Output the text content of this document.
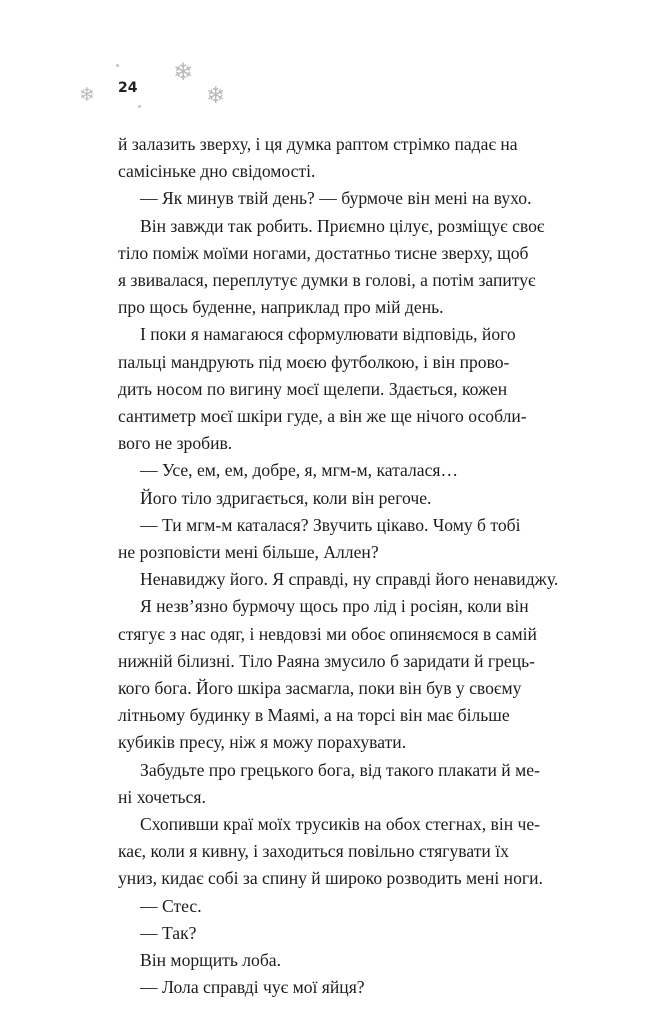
❄
❄	❄
24

й залазить зверху, і ця думка раптом стрімко падає на
самісіньке дно свідомості.

— Як минув твій день? — бурмоче він мені на вухо.

Він завжди так робить. Приємно цілує, розміщує своє
тіло поміж моїми ногами, достатньо тисне зверху, щоб
я звивалася, переплутує думки в голові, а потім запитує
про щось буденне, наприклад про мій день.

І поки я намагаюся сформулювати відповідь, його
пальці мандрують під моєю футболкою, і він прово-
дить носом по вигину моєї щелепи. Здається, кожен
сантиметр моєї шкіри гуде, а він же ще нічого особли-
вого не зробив.

— Усе, ем, ем, добре, я, мгм-м, каталася…

Його тіло здригається, коли він регоче.

— Ти мгм-м каталася? Звучить цікаво. Чому б тобі
не розповісти мені більше, Аллен?

Ненавиджу його. Я справді, ну справді його ненавиджу.

Я незв’язно бурмочу щось про лід і росіян, коли він
стягує з нас одяг, і невдовзі ми обоє опиняємося в самій
нижній білизні. Тіло Раяна змусило б заридати й грець-
кого бога. Його шкіра засмагла, поки він був у своєму
літньому будинку в Маямі, а на торсі він має більше
кубиків пресу, ніж я можу порахувати.

Забудьте про грецького бога, від такого плакати й ме-
ні хочеться.

Схопивши краї моїх трусиків на обох стегнах, він че-
кає, коли я кивну, і заходиться повільно стягувати їх
униз, кидає собі за спину й широко розводить мені ноги.

— Стес.

— Так?

Він морщить лоба.

— Лола справді чує мої яйця?
